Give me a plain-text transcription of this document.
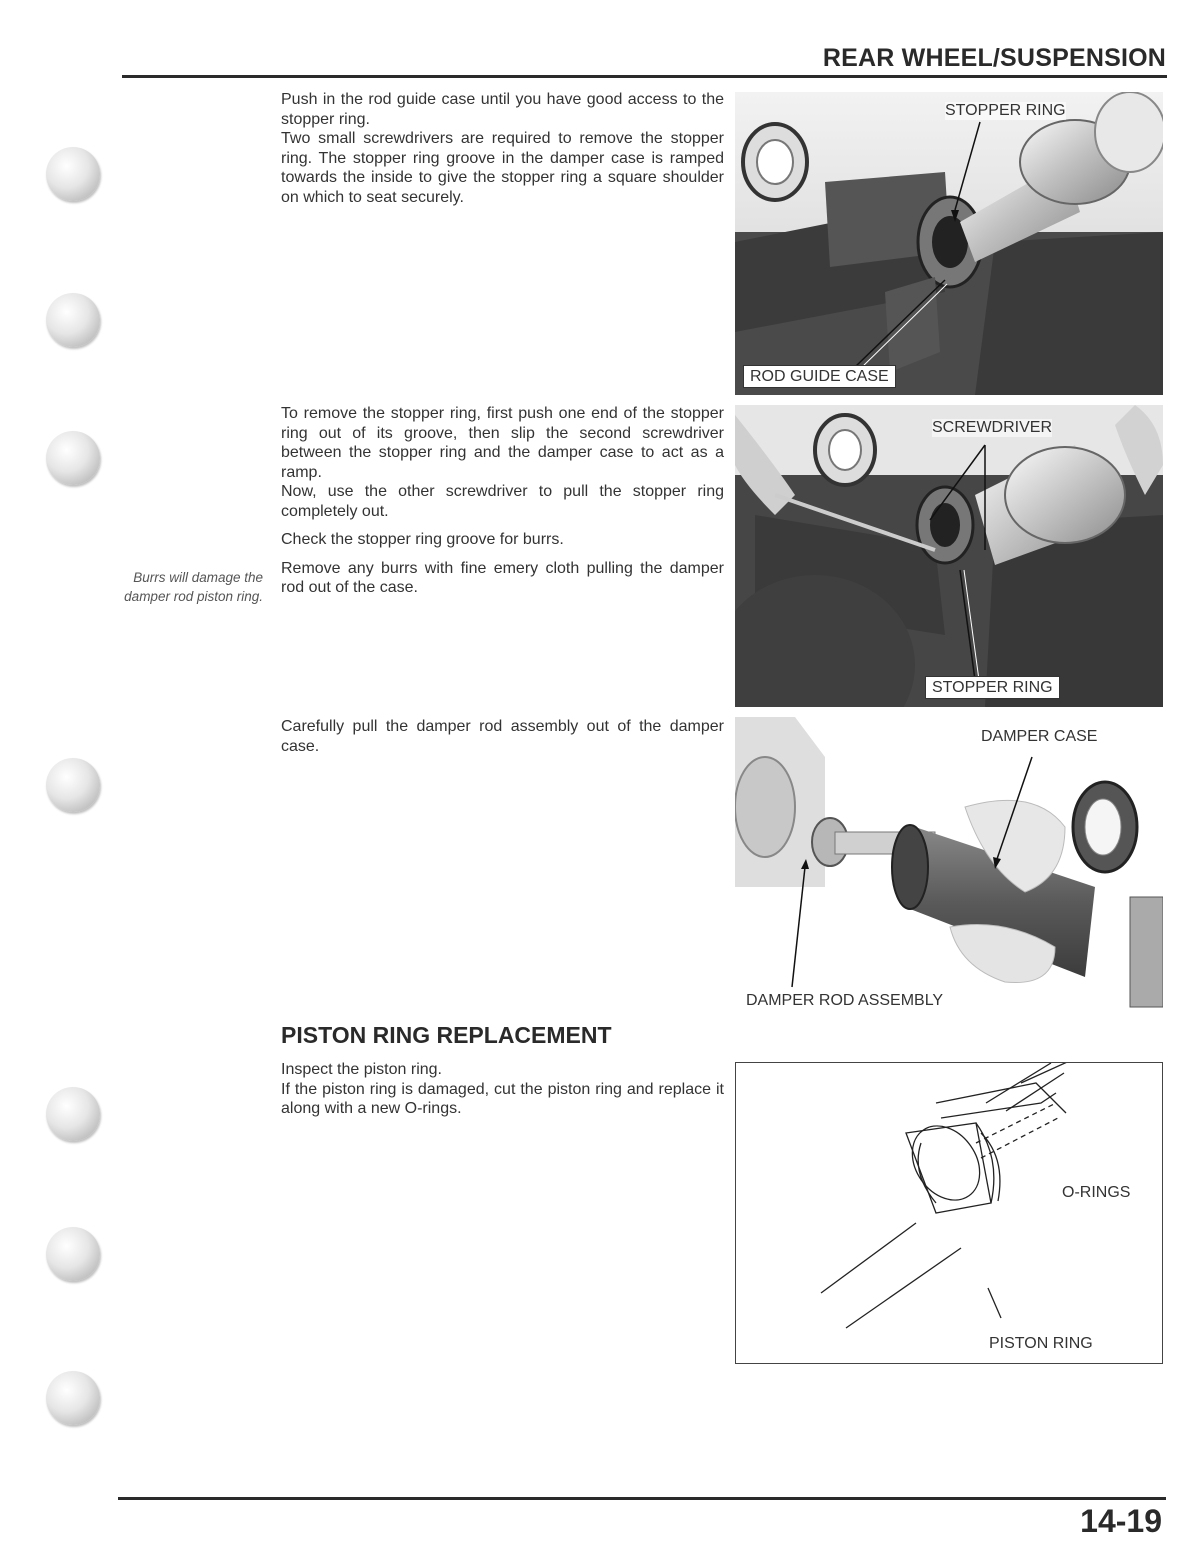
REAR WHEEL/SUSPENSION

Push in the rod guide case until you have good access to the stopper ring.

Two small screwdrivers are required to remove the stopper ring. The stopper ring groove in the damper case is ramped towards the inside to give the stopper ring a square shoulder on which to seat securely.

To remove the stopper ring, first push one end of the stopper ring out of its groove, then slip the second screwdriver between the stopper ring and the damper case to act as a ramp.

Now, use the other screwdriver to pull the stopper ring completely out.

Check the stopper ring groove for burrs.

Remove any burrs with fine emery cloth pulling the damper rod out of the case.

Burrs will damage the damper rod piston ring.

Carefully pull the damper rod assembly out of the damper case.

PISTON RING REPLACEMENT

Inspect the piston ring.

If the piston ring is damaged, cut the piston ring and replace it along with a new O-rings.

STOPPER RING
ROD GUIDE CASE
SCREWDRIVER
STOPPER RING
DAMPER CASE
DAMPER ROD ASSEMBLY
O-RINGS
PISTON RING

14-19
